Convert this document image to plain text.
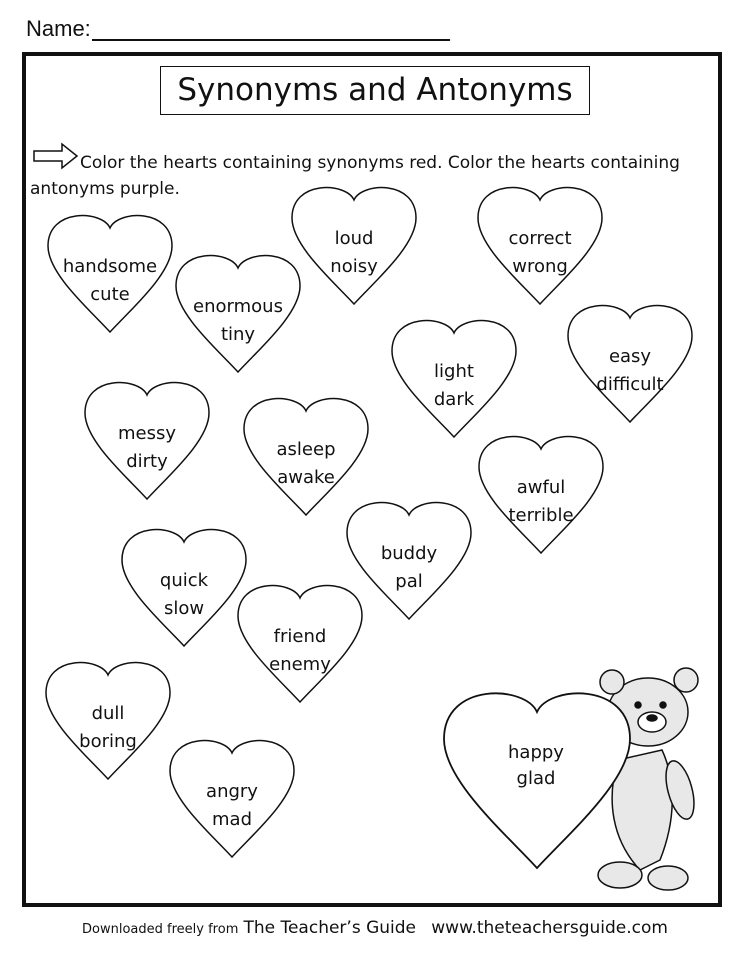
Name:
Synonyms and Antonyms
Color the hearts containing synonyms red. Color the hearts containing antonyms purple.
handsome
cute
enormous
tiny
loud
noisy
correct
wrong
light
dark
easy
difficult
messy
dirty
asleep
awake	awful
terrible
buddy
pal
quick
slow
friend
enemy
dull
boring
angry
mad
happy
glad
Downloaded freely from The Teacher’s Guide www.theteachersguide.com
